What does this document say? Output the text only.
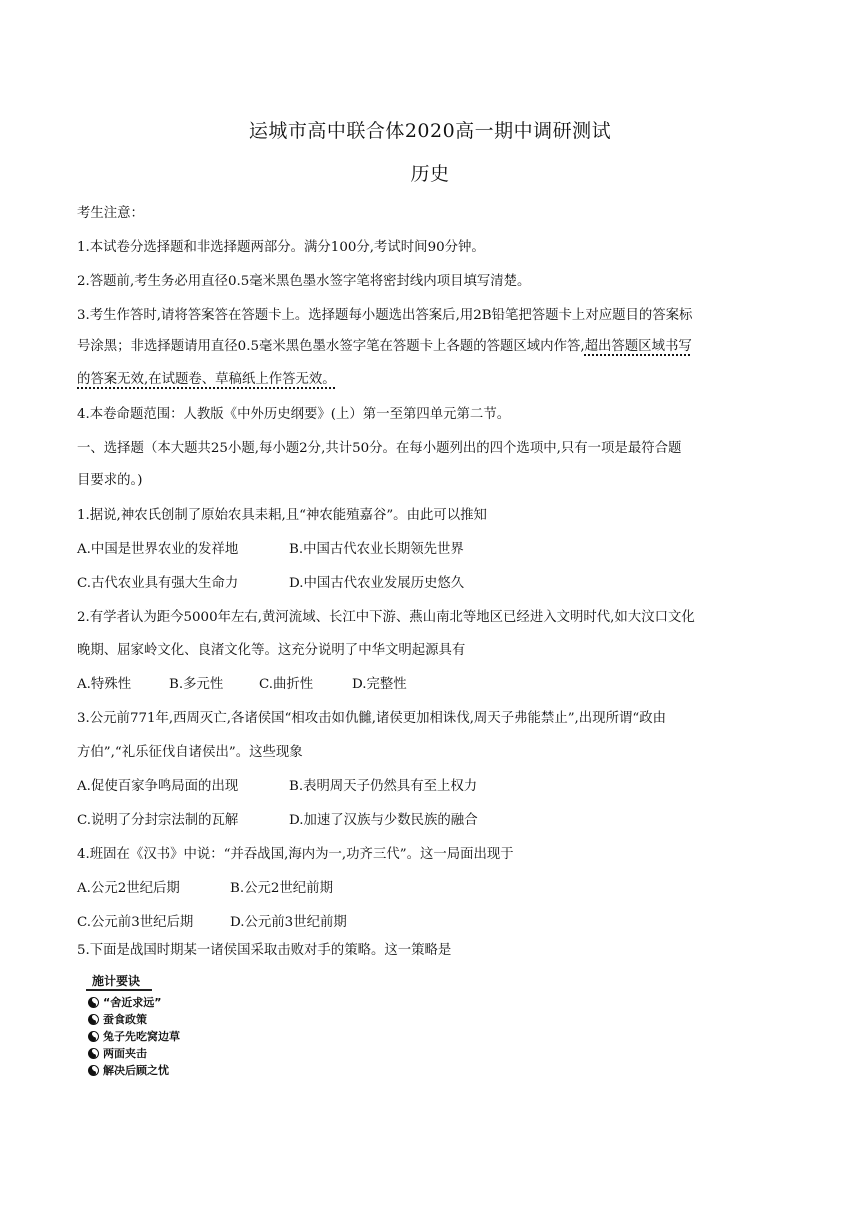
运城市高中联合体2020高一期中调研测试
历史
考生注意：
1.本试卷分选择题和非选择题两部分。满分100分,考试时间90分钟。
2.答题前,考生务必用直径0.5毫米黑色墨水签字笔将密封线内项目填写清楚。
3.考生作答时,请将答案答在答题卡上。选择题每小题选出答案后,用2B铅笔把答题卡上对应题目的答案标
号涂黑；非选择题请用直径0.5毫米黑色墨水签字笔在答题卡上各题的答题区域内作答,超出答题区域书写
的答案无效,在试题卷、草稿纸上作答无效。
4.本卷命题范围：人教版《中外历史纲要》(上）第一至第四单元第二节。
一、选择题（本大题共25小题,每小题2分,共计50分。在每小题列出的四个选项中,只有一项是最符合题
目要求的。)
1.据说,神农氏创制了原始农具耒耜,且“神农能殖嘉谷”。由此可以推知
A.中国是世界农业的发祥地	B.中国古代农业长期领先世界
C.古代农业具有强大生命力	D.中国古代农业发展历史悠久
2.有学者认为距今5000年左右,黄河流域、长江中下游、燕山南北等地区已经进入文明时代,如大汶口文化
晚期、屈家岭文化、良渚文化等。这充分说明了中华文明起源具有
A.特殊性	B.多元性	C.曲折性	D.完整性
3.公元前771年,西周灭亡,各诸侯国“相攻击如仇雠,诸侯更加相诛伐,周天子弗能禁止”,出现所谓“政由
方伯”,“礼乐征伐自诸侯出”。这些现象
A.促使百家争鸣局面的出现	B.表明周天子仍然具有至上权力
C.说明了分封宗法制的瓦解	D.加速了汉族与少数民族的融合
4.班固在《汉书》中说：“并吞战国,海内为一,功齐三代”。这一局面出现于
A.公元2世纪后期	B.公元2世纪前期
C.公元前3世纪后期	D.公元前3世纪前期
5.下面是战国时期某一诸侯国采取击败对手的策略。这一策略是
施计要诀
“舍近求远”
蚕食政策
兔子先吃窝边草
两面夹击
解决后顾之忧
